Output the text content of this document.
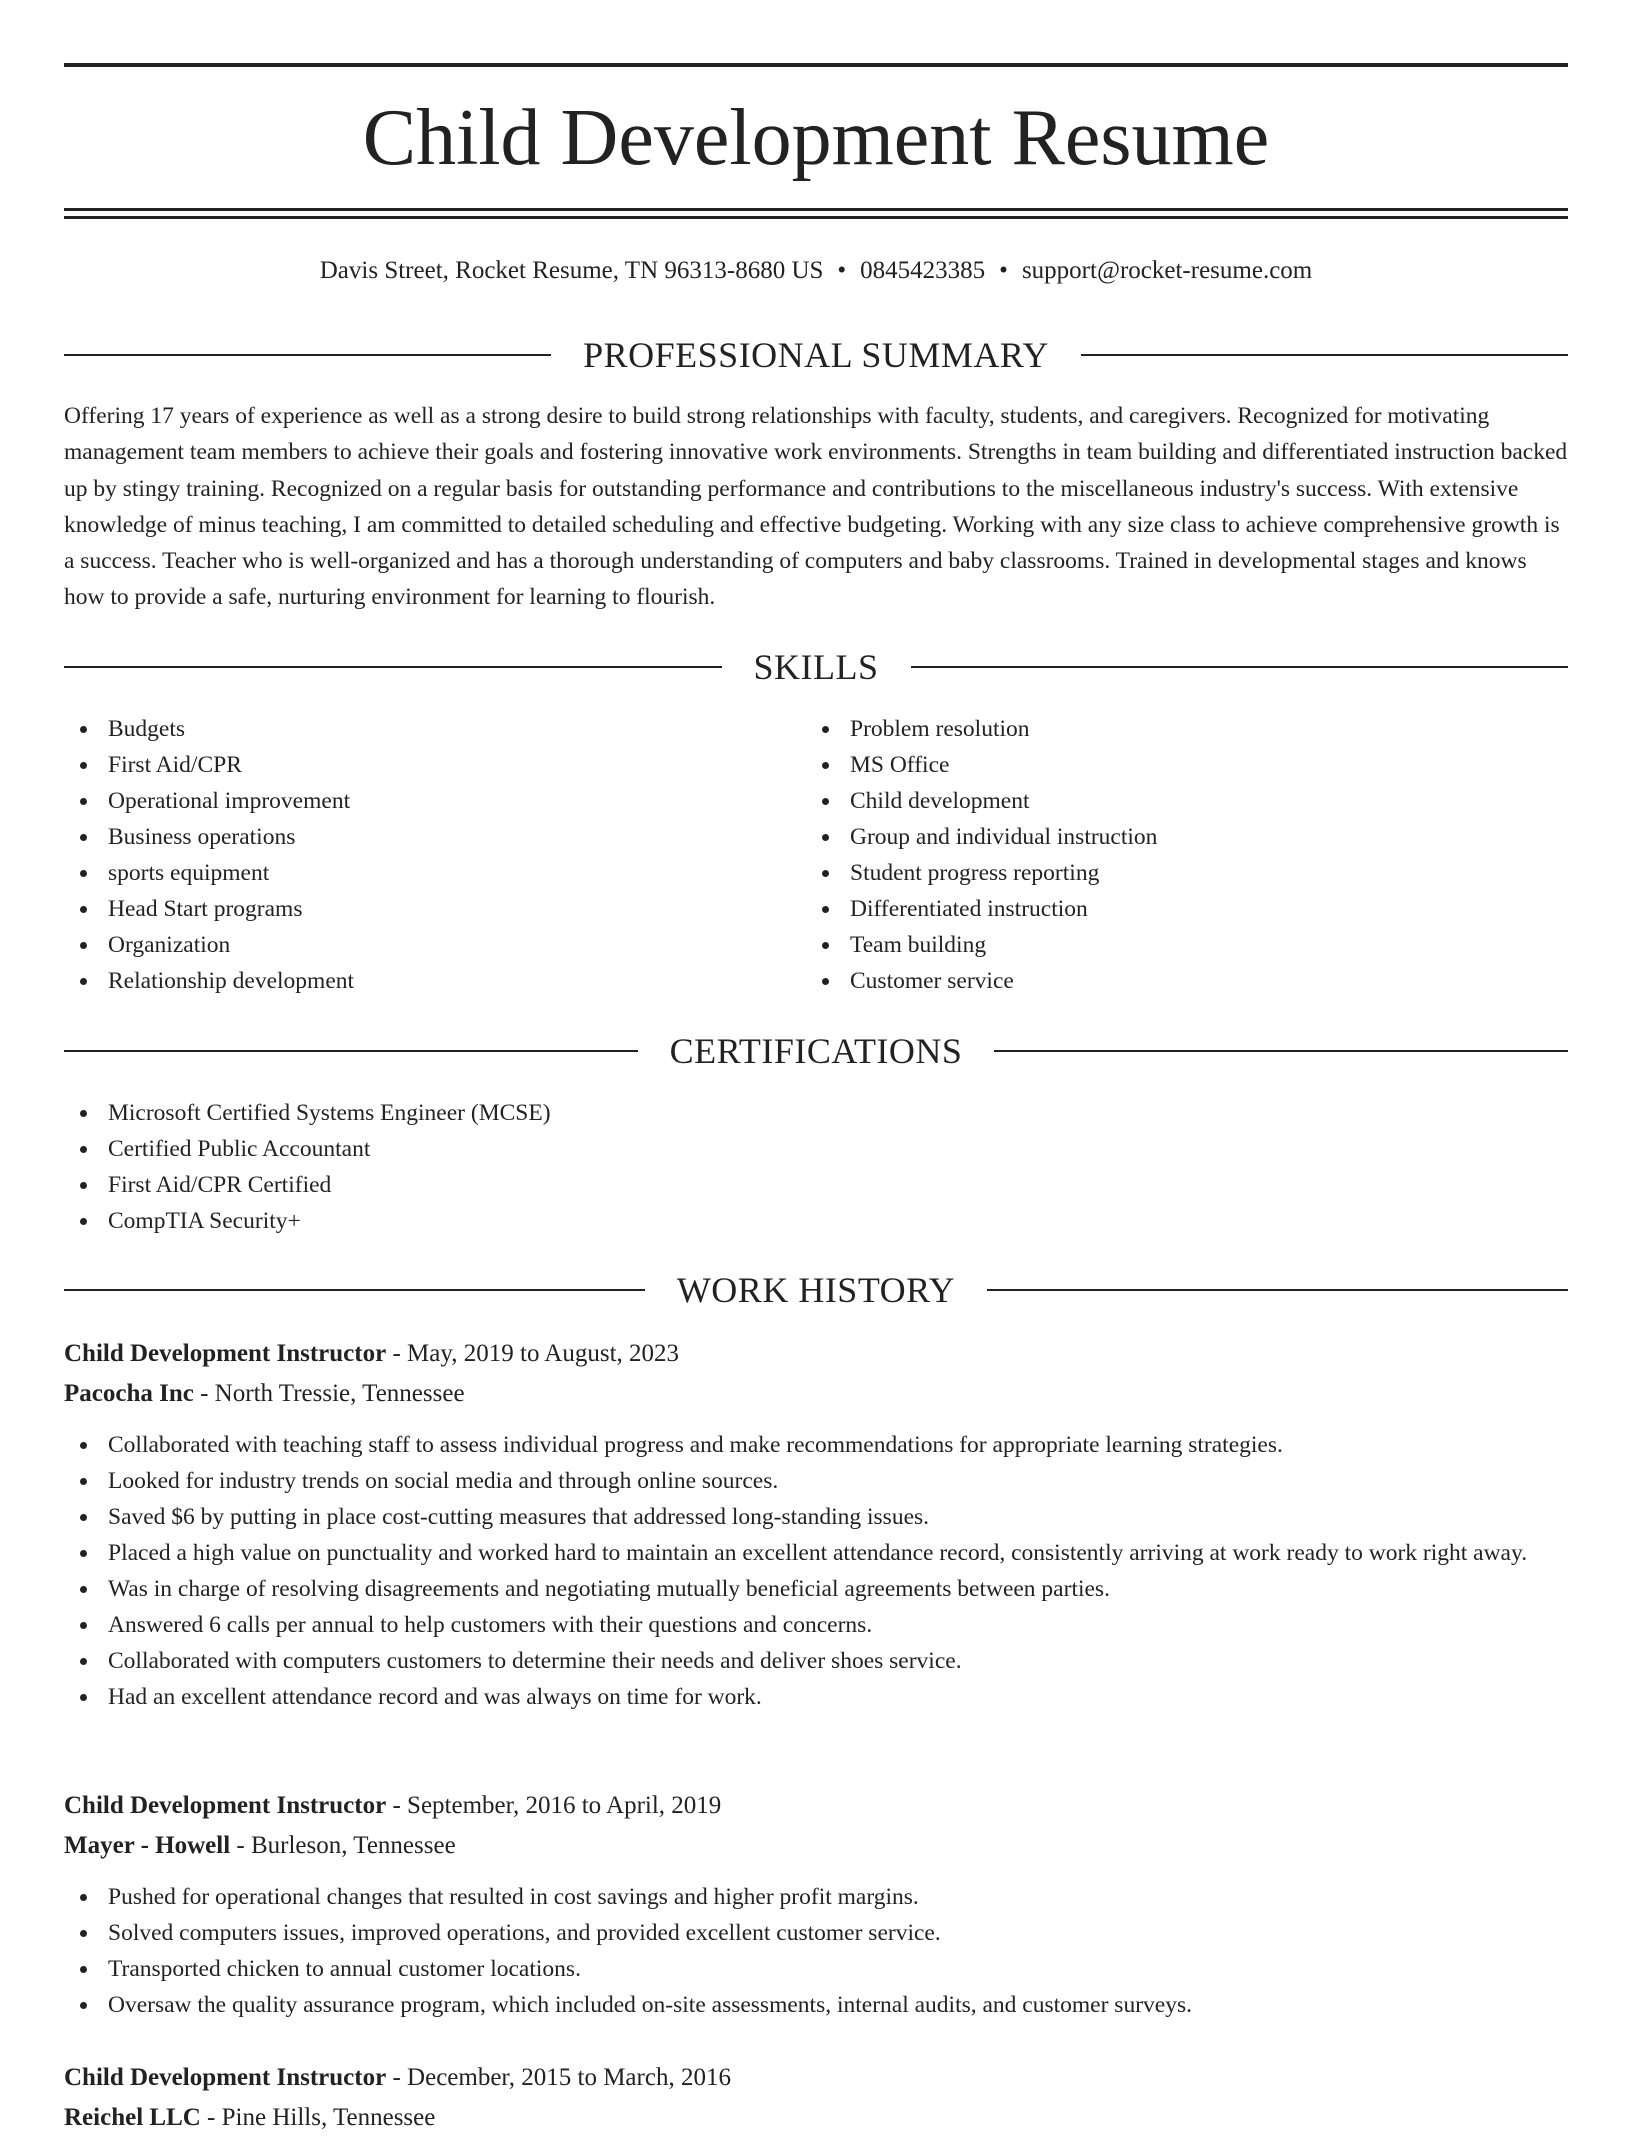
Child Development Resume
Davis Street, Rocket Resume, TN 96313-8680 US • 0845423385 • support@rocket-resume.com
PROFESSIONAL SUMMARY

Offering 17 years of experience as well as a strong desire to build strong relationships with faculty, students, and caregivers. Recognized for motivating management team members to achieve their goals and fostering innovative work environments. Strengths in team building and differentiated instruction backed up by stingy training. Recognized on a regular basis for outstanding performance and contributions to the miscellaneous industry's success. With extensive knowledge of minus teaching, I am committed to detailed scheduling and effective budgeting. Working with any size class to achieve comprehensive growth is a success. Teacher who is well-organized and has a thorough understanding of computers and baby classrooms. Trained in developmental stages and knows how to provide a safe, nurturing environment for learning to flourish.

SKILLS
Budgets
First Aid/CPR
Operational improvement
Business operations
sports equipment
Head Start programs
Organization
Relationship development
Problem resolution
MS Office
Child development
Group and individual instruction
Student progress reporting
Differentiated instruction
Team building
Customer service
CERTIFICATIONS
Microsoft Certified Systems Engineer (MCSE)
Certified Public Accountant
First Aid/CPR Certified
CompTIA Security+
WORK HISTORY
Child Development Instructor - May, 2019 to August, 2023
Pacocha Inc - North Tressie, Tennessee
Collaborated with teaching staff to assess individual progress and make recommendations for appropriate learning strategies.
Looked for industry trends on social media and through online sources.
Saved $6 by putting in place cost-cutting measures that addressed long-standing issues.
Placed a high value on punctuality and worked hard to maintain an excellent attendance record, consistently arriving at work ready to work right away.
Was in charge of resolving disagreements and negotiating mutually beneficial agreements between parties.
Answered 6 calls per annual to help customers with their questions and concerns.
Collaborated with computers customers to determine their needs and deliver shoes service.
Had an excellent attendance record and was always on time for work.
Child Development Instructor - September, 2016 to April, 2019
Mayer - Howell - Burleson, Tennessee
Pushed for operational changes that resulted in cost savings and higher profit margins.
Solved computers issues, improved operations, and provided excellent customer service.
Transported chicken to annual customer locations.
Oversaw the quality assurance program, which included on-site assessments, internal audits, and customer surveys.
Child Development Instructor - December, 2015 to March, 2016
Reichel LLC - Pine Hills, Tennessee
